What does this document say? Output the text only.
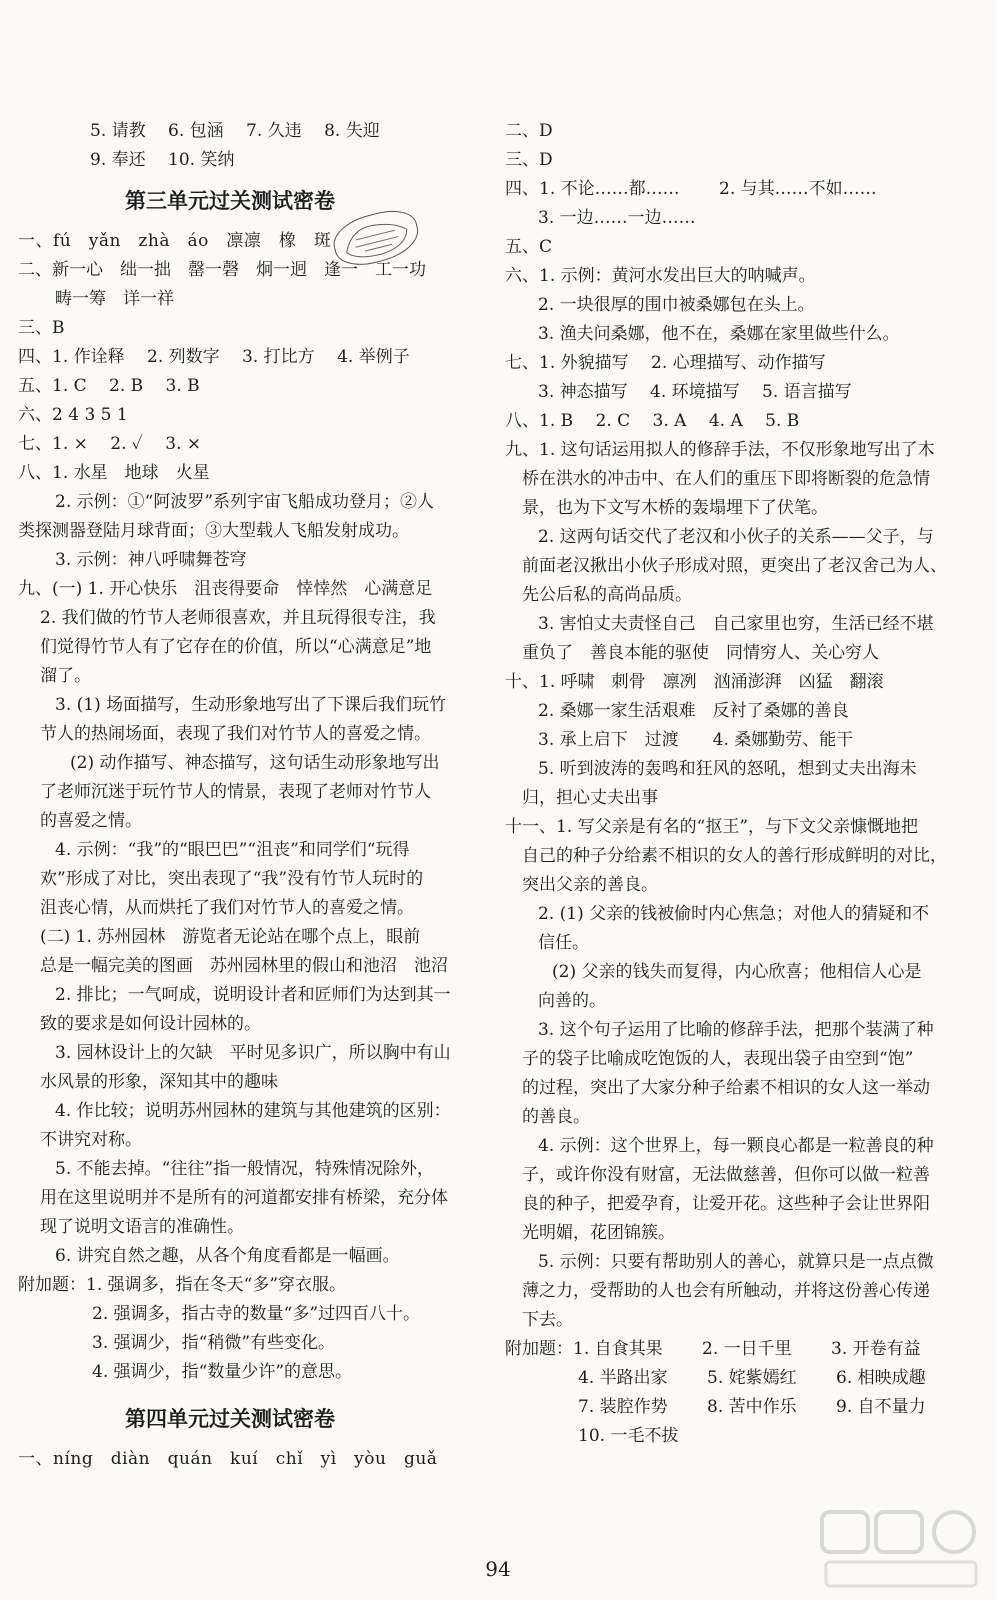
5. 请教　 6. 包涵　 7. 久违　 8. 失迎
9. 奉还　 10. 笑纳
第三单元过关测试密卷
一、fú　yǎn　zhà　áo　凛凛　橡　斑
二、新一心　绌一拙　罄一磬　炯一迥　逢一　工一功
畴一筹　详一祥
三、B
四、1. 作诠释　 2. 列数字　 3. 打比方　 4. 举例子
五、1. C　 2. B　 3. B
六、2 4 3 5 1
七、1. ×　 2. ✓　 3. ×
八、1. 水星　地球　火星
2. 示例：①“阿波罗”系列宇宙飞船成功登月；②人
类探测器登陆月球背面；③大型载人飞船发射成功。
3. 示例：神八呼啸舞苍穹
九、(一) 1. 开心快乐　沮丧得要命　悻悻然　心满意足
2. 我们做的竹节人老师很喜欢，并且玩得很专注，我
们觉得竹节人有了它存在的价值，所以“心满意足”地
溜了。
3. (1) 场面描写，生动形象地写出了下课后我们玩竹
节人的热闹场面，表现了我们对竹节人的喜爱之情。
(2) 动作描写、神态描写，这句话生动形象地写出
了老师沉迷于玩竹节人的情景，表现了老师对竹节人
的喜爱之情。
4. 示例：“我”的“眼巴巴”“沮丧”和同学们“玩得
欢”形成了对比，突出表现了“我”没有竹节人玩时的
沮丧心情，从而烘托了我们对竹节人的喜爱之情。
(二) 1. 苏州园林　游览者无论站在哪个点上，眼前
总是一幅完美的图画　苏州园林里的假山和池沼　池沼
2. 排比；一气呵成，说明设计者和匠师们为达到其一
致的要求是如何设计园林的。
3. 园林设计上的欠缺　平时见多识广，所以胸中有山
水风景的形象，深知其中的趣味
4. 作比较；说明苏州园林的建筑与其他建筑的区别：
不讲究对称。
5. 不能去掉。“往往”指一般情况，特殊情况除外，
用在这里说明并不是所有的河道都安排有桥梁，充分体
现了说明文语言的准确性。
6. 讲究自然之趣，从各个角度看都是一幅画。
附加题：1. 强调多，指在冬天“多”穿衣服。
2. 强调多，指古寺的数量“多”过四百八十。
3. 强调少，指“稍微”有些变化。
4. 强调少，指“数量少许”的意思。
第四单元过关测试密卷
一、níng　diàn　quán　kuí　chǐ　yì　yòu　guǎ
二、D
三、D
四、1. 不论……都……　　 2. 与其……不如……
3. 一边……一边……
五、C
六、1. 示例：黄河水发出巨大的呐喊声。
2. 一块很厚的围巾被桑娜包在头上。
3. 渔夫问桑娜，他不在，桑娜在家里做些什么。
七、1. 外貌描写　 2. 心理描写、动作描写
3. 神态描写　 4. 环境描写　 5. 语言描写
八、1. B　 2. C　 3. A　 4. A　 5. B
九、1. 这句话运用拟人的修辞手法，不仅形象地写出了木
桥在洪水的冲击中、在人们的重压下即将断裂的危急情
景，也为下文写木桥的轰塌埋下了伏笔。
2. 这两句话交代了老汉和小伙子的关系——父子，与
前面老汉揪出小伙子形成对照，更突出了老汉舍己为人、
先公后私的高尚品质。
3. 害怕丈夫责怪自己　自己家里也穷，生活已经不堪
重负了　善良本能的驱使　同情穷人、关心穷人
十、1. 呼啸　刺骨　凛冽　汹涌澎湃　凶猛　翻滚
2. 桑娜一家生活艰难　反衬了桑娜的善良
3. 承上启下　过渡　　4. 桑娜勤劳、能干
5. 听到波涛的轰鸣和狂风的怒吼，想到丈夫出海未
归，担心丈夫出事
十一、1. 写父亲是有名的“抠王”，与下文父亲慷慨地把
自己的种子分给素不相识的女人的善行形成鲜明的对比，
突出父亲的善良。
2. (1) 父亲的钱被偷时内心焦急；对他人的猜疑和不
信任。
(2) 父亲的钱失而复得，内心欣喜；他相信人心是
向善的。
3. 这个句子运用了比喻的修辞手法，把那个装满了种
子的袋子比喻成吃饱饭的人，表现出袋子由空到“饱”
的过程，突出了大家分种子给素不相识的女人这一举动
的善良。
4. 示例：这个世界上，每一颗良心都是一粒善良的种
子，或许你没有财富，无法做慈善，但你可以做一粒善
良的种子，把爱孕育，让爱开花。这些种子会让世界阳
光明媚，花团锦簇。
5. 示例：只要有帮助别人的善心，就算只是一点点微
薄之力，受帮助的人也会有所触动，并将这份善心传递
下去。
附加题：1. 自食其果　　 2. 一日千里　　 3. 开卷有益
4. 半路出家　　 5. 姹紫嫣红　　 6. 相映成趣
7. 装腔作势　　 8. 苦中作乐　　 9. 自不量力
10. 一毛不拔
94
